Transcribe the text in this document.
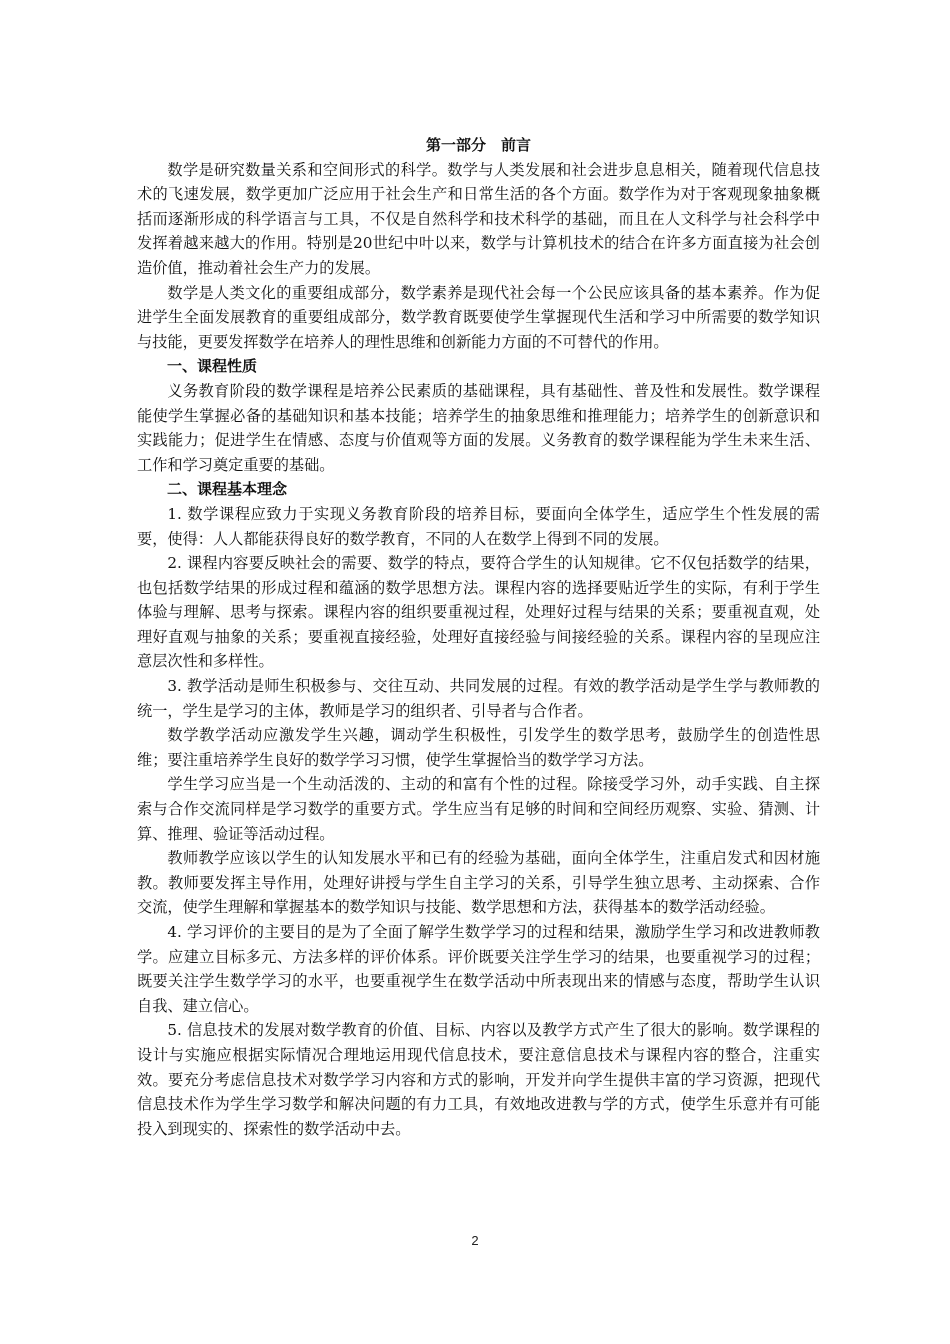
第一部分　前言

数学是研究数量关系和空间形式的科学。数学与人类发展和社会进步息息相关，随着现代信息技术的飞速发展，数学更加广泛应用于社会生产和日常生活的各个方面。数学作为对于客观现象抽象概括而逐渐形成的科学语言与工具，不仅是自然科学和技术科学的基础，而且在人文科学与社会科学中发挥着越来越大的作用。特别是20世纪中叶以来，数学与计算机技术的结合在许多方面直接为社会创造价值，推动着社会生产力的发展。

数学是人类文化的重要组成部分，数学素养是现代社会每一个公民应该具备的基本素养。作为促进学生全面发展教育的重要组成部分，数学教育既要使学生掌握现代生活和学习中所需要的数学知识与技能，更要发挥数学在培养人的理性思维和创新能力方面的不可替代的作用。

一、课程性质

义务教育阶段的数学课程是培养公民素质的基础课程，具有基础性、普及性和发展性。数学课程能使学生掌握必备的基础知识和基本技能；培养学生的抽象思维和推理能力；培养学生的创新意识和实践能力；促进学生在情感、态度与价值观等方面的发展。义务教育的数学课程能为学生未来生活、工作和学习奠定重要的基础。

二、课程基本理念

1. 数学课程应致力于实现义务教育阶段的培养目标，要面向全体学生，适应学生个性发展的需要，使得：人人都能获得良好的数学教育，不同的人在数学上得到不同的发展。

2. 课程内容要反映社会的需要、数学的特点，要符合学生的认知规律。它不仅包括数学的结果，也包括数学结果的形成过程和蕴涵的数学思想方法。课程内容的选择要贴近学生的实际，有利于学生体验与理解、思考与探索。课程内容的组织要重视过程，处理好过程与结果的关系；要重视直观，处理好直观与抽象的关系；要重视直接经验，处理好直接经验与间接经验的关系。课程内容的呈现应注意层次性和多样性。

3. 教学活动是师生积极参与、交往互动、共同发展的过程。有效的教学活动是学生学与教师教的统一，学生是学习的主体，教师是学习的组织者、引导者与合作者。

数学教学活动应激发学生兴趣，调动学生积极性，引发学生的数学思考，鼓励学生的创造性思维；要注重培养学生良好的数学学习习惯，使学生掌握恰当的数学学习方法。

学生学习应当是一个生动活泼的、主动的和富有个性的过程。除接受学习外，动手实践、自主探索与合作交流同样是学习数学的重要方式。学生应当有足够的时间和空间经历观察、实验、猜测、计算、推理、验证等活动过程。

教师教学应该以学生的认知发展水平和已有的经验为基础，面向全体学生，注重启发式和因材施教。教师要发挥主导作用，处理好讲授与学生自主学习的关系，引导学生独立思考、主动探索、合作交流，使学生理解和掌握基本的数学知识与技能、数学思想和方法，获得基本的数学活动经验。

4. 学习评价的主要目的是为了全面了解学生数学学习的过程和结果，激励学生学习和改进教师教学。应建立目标多元、方法多样的评价体系。评价既要关注学生学习的结果，也要重视学习的过程；既要关注学生数学学习的水平，也要重视学生在数学活动中所表现出来的情感与态度，帮助学生认识自我、建立信心。

5. 信息技术的发展对数学教育的价值、目标、内容以及教学方式产生了很大的影响。数学课程的设计与实施应根据实际情况合理地运用现代信息技术，要注意信息技术与课程内容的整合，注重实效。要充分考虑信息技术对数学学习内容和方式的影响，开发并向学生提供丰富的学习资源，把现代信息技术作为学生学习数学和解决问题的有力工具，有效地改进教与学的方式，使学生乐意并有可能投入到现实的、探索性的数学活动中去。

2
